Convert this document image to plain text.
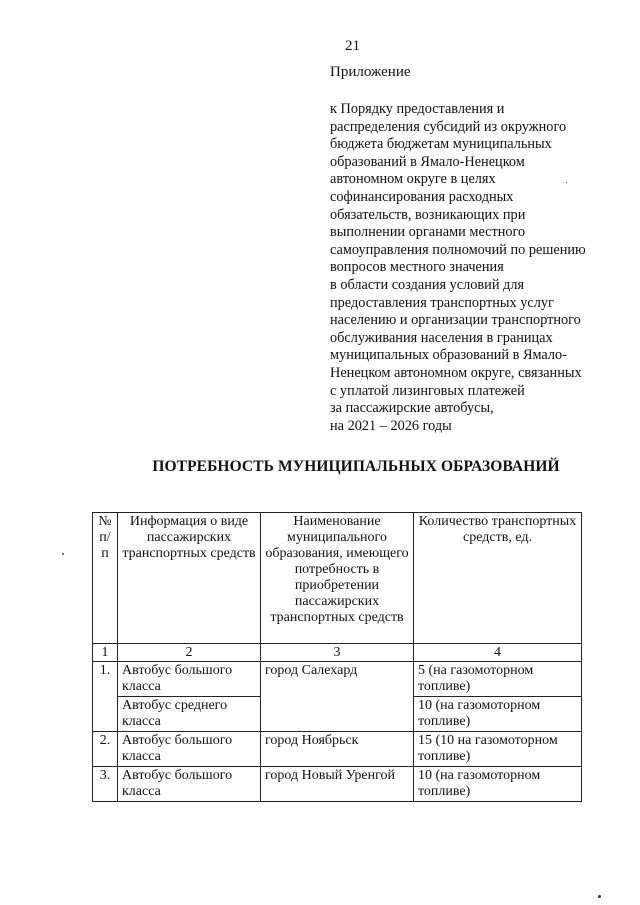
21
Приложение
к Порядку предоставления и
распределения субсидий из окружного
бюджета бюджетам муниципальных
образований в Ямало-Ненецком
автономном округе в целях
софинансирования расходных
обязательств, возникающих при
выполнении органами местного
самоуправления полномочий по решению
вопросов местного значения
в области создания условий для
предоставления транспортных услуг
населению и организации транспортного
обслуживания населения в границах
муниципальных образований в Ямало-
Ненецком автономном округе, связанных
с уплатой лизинговых платежей
за пассажирские автобусы,
на 2021 – 2026 годы
ПОТРЕБНОСТЬ МУНИЦИПАЛЬНЫХ ОБРАЗОВАНИЙ
№ п/п	Информация о виде пассажирских транспортных средств	Наименование муниципального образования, имеющего потребность в приобретении пассажирских транспортных средств	Количество транспортных средств, ед.
1	2	3	4
1.	Автобус большого класса	город Салехард	5 (на газомоторном топливе)
	Автобус среднего класса		10 (на газомоторном топливе)
2.	Автобус большого класса	город Ноябрьск	15 (10 на газомоторном топливе)
3.	Автобус большого класса	город Новый Уренгой	10 (на газомоторном топливе)
